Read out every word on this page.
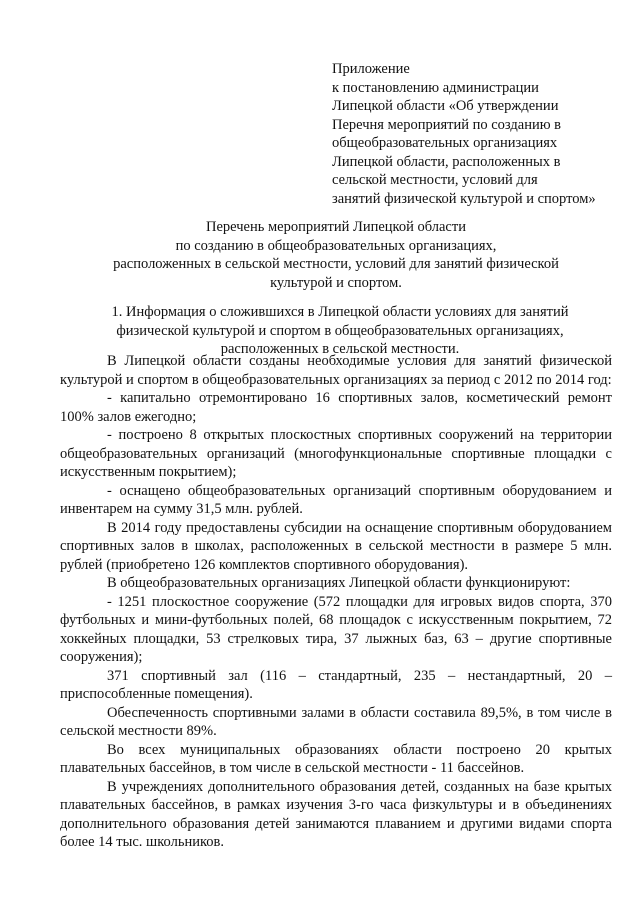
Приложение
к постановлению администрации
Липецкой области «Об утверждении
Перечня мероприятий по созданию в
общеобразовательных организациях
Липецкой области, расположенных в
сельской местности, условий для
занятий физической культурой и спортом»
Перечень мероприятий Липецкой области
по созданию в общеобразовательных организациях,
расположенных в сельской местности, условий для занятий физической
культурой и спортом.
1. Информация о сложившихся в Липецкой области условиях для занятий
физической культурой и спортом в общеобразовательных организациях,
расположенных в сельской местности.

В Липецкой области созданы необходимые условия для занятий физической культурой и спортом в общеобразовательных организациях за период с 2012 по 2014 год:

- капитально отремонтировано 16 спортивных залов, косметический ремонт 100% залов ежегодно;

- построено 8 открытых плоскостных спортивных сооружений на территории общеобразовательных организаций (многофункциональные спортивные площадки с искусственным покрытием);

- оснащено общеобразовательных организаций спортивным оборудованием и инвентарем на сумму 31,5 млн. рублей.

В 2014 году предоставлены субсидии на оснащение спортивным оборудованием спортивных залов в школах, расположенных в сельской местности в размере 5 млн. рублей (приобретено 126 комплектов спортивного оборудования).

В общеобразовательных организациях Липецкой области функционируют:

- 1251 плоскостное сооружение (572 площадки для игровых видов спорта, 370 футбольных и мини-футбольных полей, 68 площадок с искусственным покрытием, 72 хоккейных площадки, 53 стрелковых тира, 37 лыжных баз, 63 – другие спортивные сооружения);

371 спортивный зал (116 – стандартный, 235 – нестандартный, 20 – приспособленные помещения).

Обеспеченность спортивными залами в области составила 89,5%, в том числе в сельской местности 89%.

Во всех муниципальных образованиях области построено 20 крытых плавательных бассейнов, в том числе в сельской местности - 11 бассейнов.

В учреждениях дополнительного образования детей, созданных на базе крытых плавательных бассейнов, в рамках изучения 3-го часа физкультуры и в объединениях дополнительного образования детей занимаются плаванием и другими видами спорта более 14 тыс. школьников.
